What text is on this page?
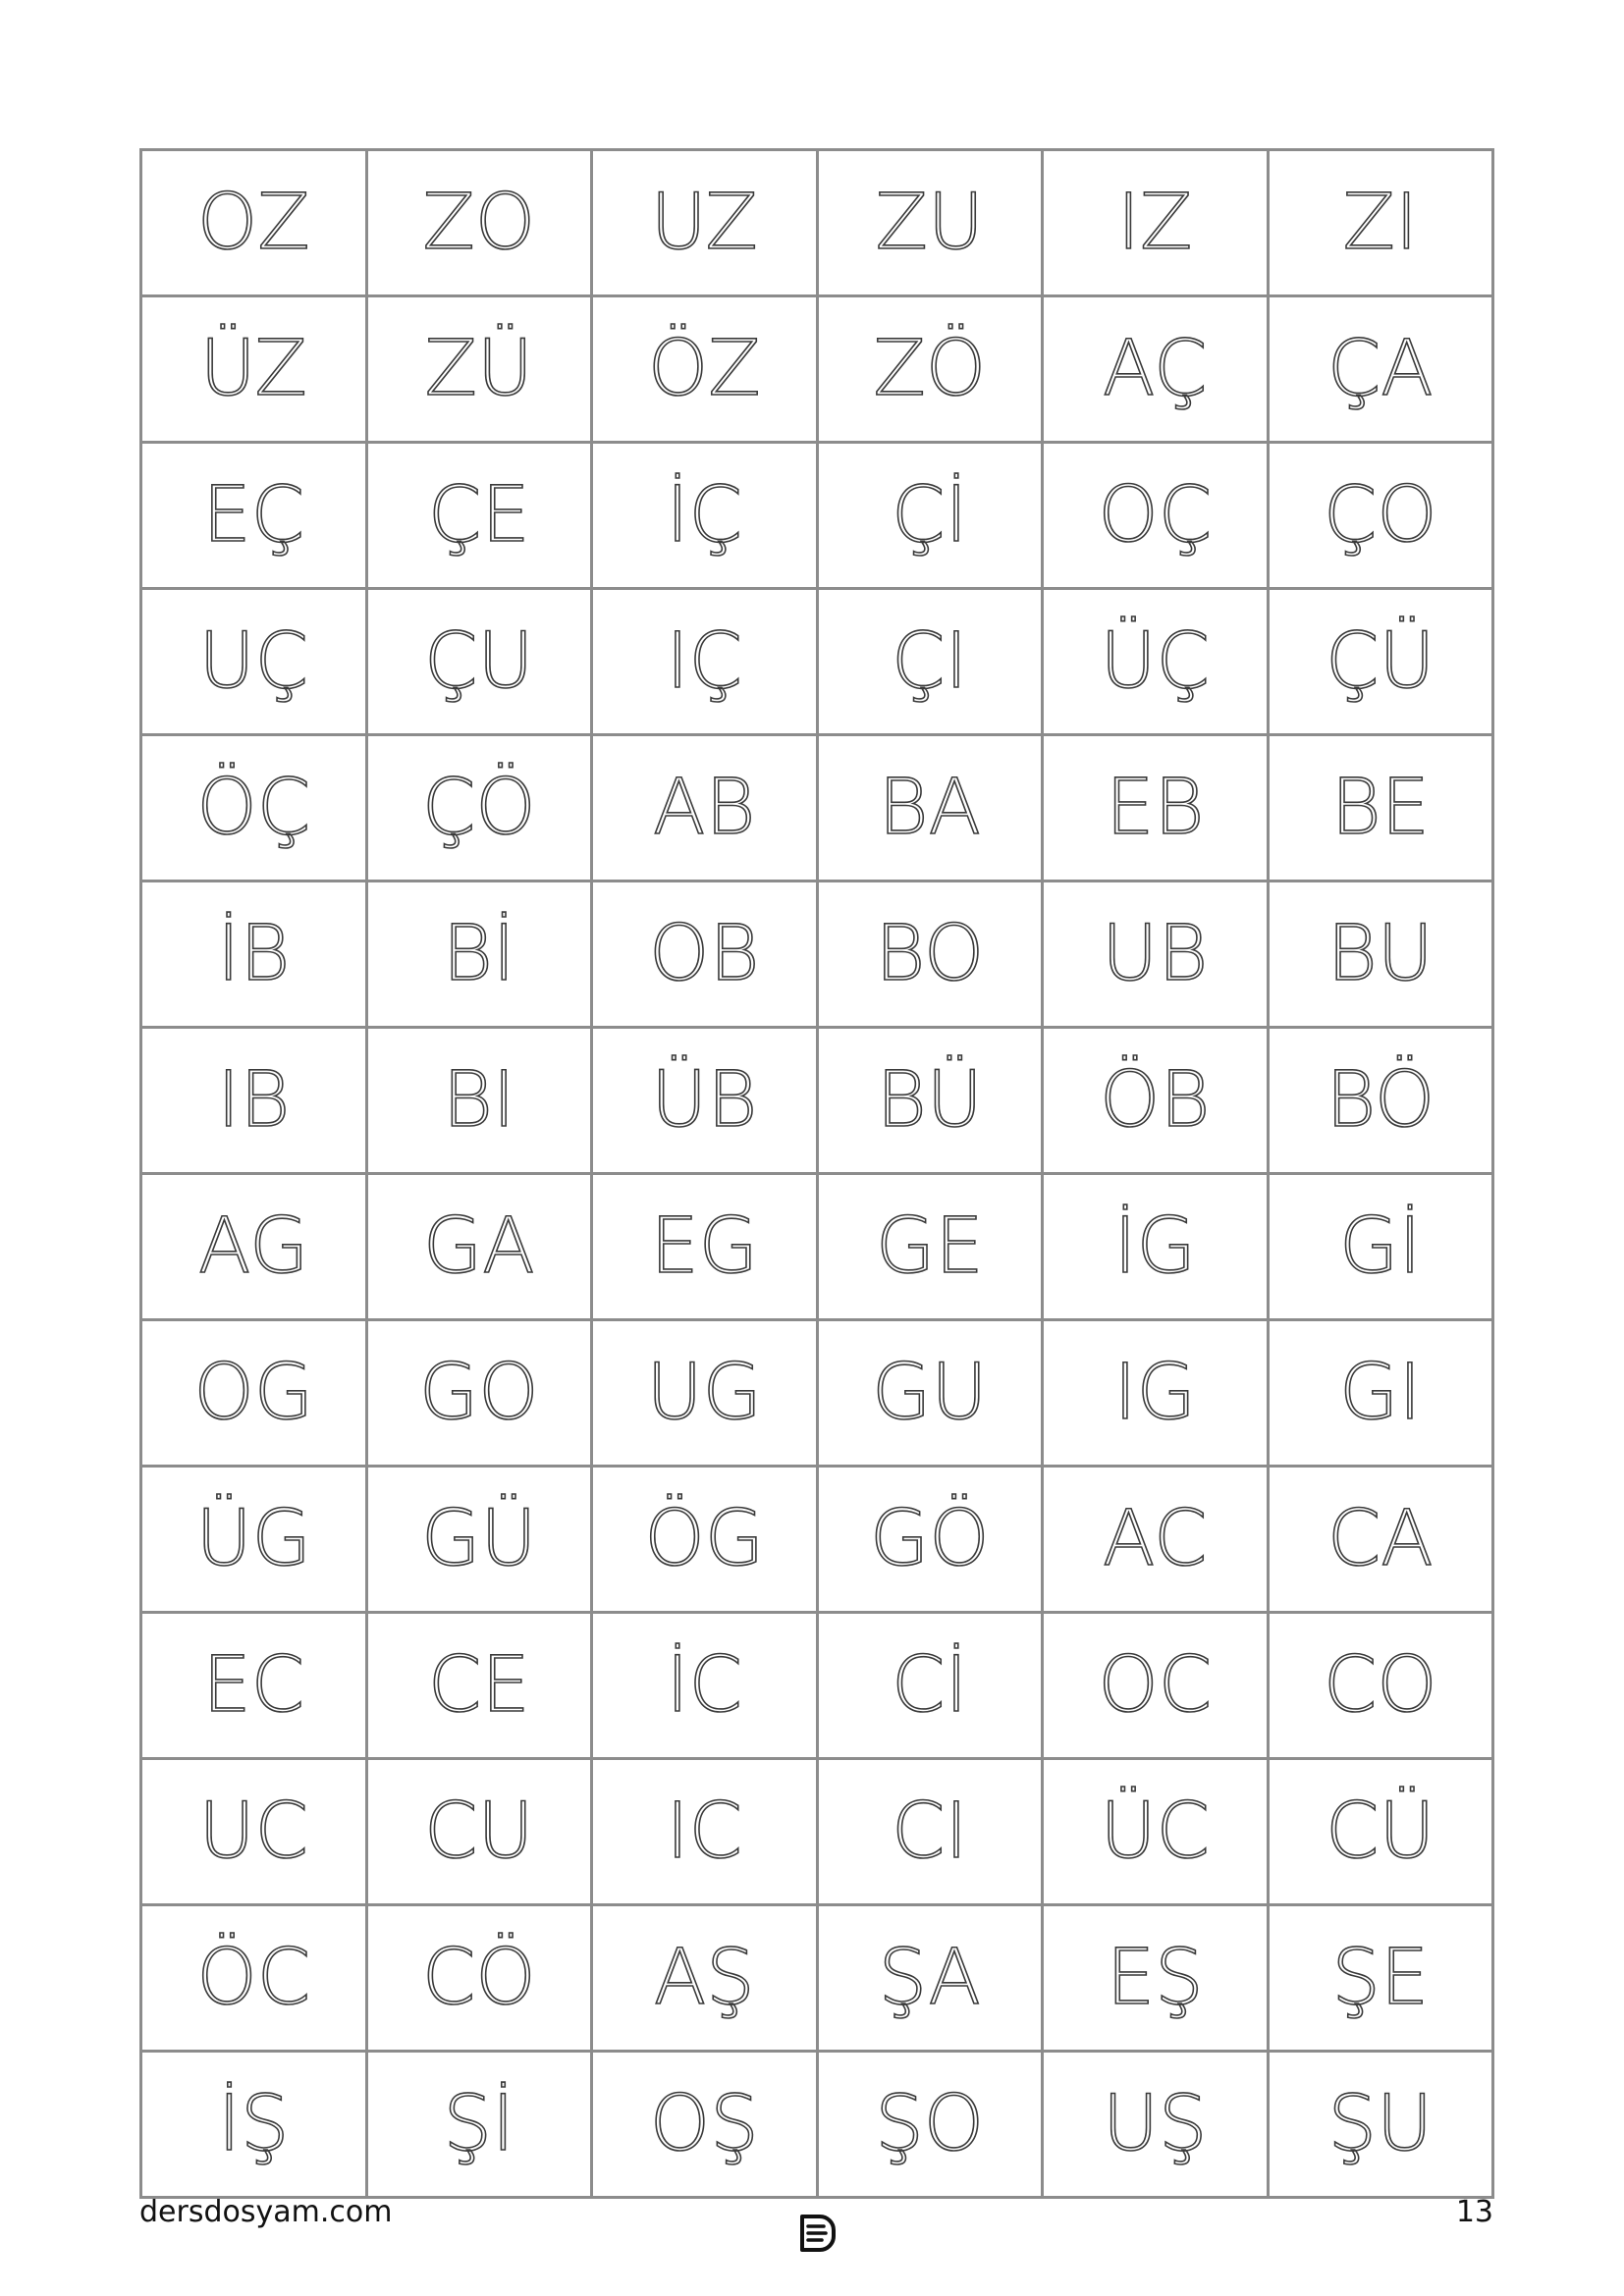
OZ	ZO	UZ	ZU	IZ	ZI
ÜZ	ZÜ	ÖZ	ZÖ	AÇ	ÇA
EÇ	ÇE	İÇ	Çİ	OÇ	ÇO
UÇ	ÇU	IÇ	ÇI	ÜÇ	ÇÜ
ÖÇ	ÇÖ	AB	BA	EB	BE
İB	Bİ	OB	BO	UB	BU
IB	BI	ÜB	BÜ	ÖB	BÖ
AG	GA	EG	GE	İG	Gİ
OG	GO	UG	GU	IG	GI
ÜG	GÜ	ÖG	GÖ	AC	CA
EC	CE	İC	Cİ	OC	CO
UC	CU	IC	CI	ÜC	CÜ
ÖC	CÖ	AŞ	ŞA	EŞ	ŞE
İŞ	Şİ	OŞ	ŞO	UŞ	ŞU
dersdosyam.com	13
